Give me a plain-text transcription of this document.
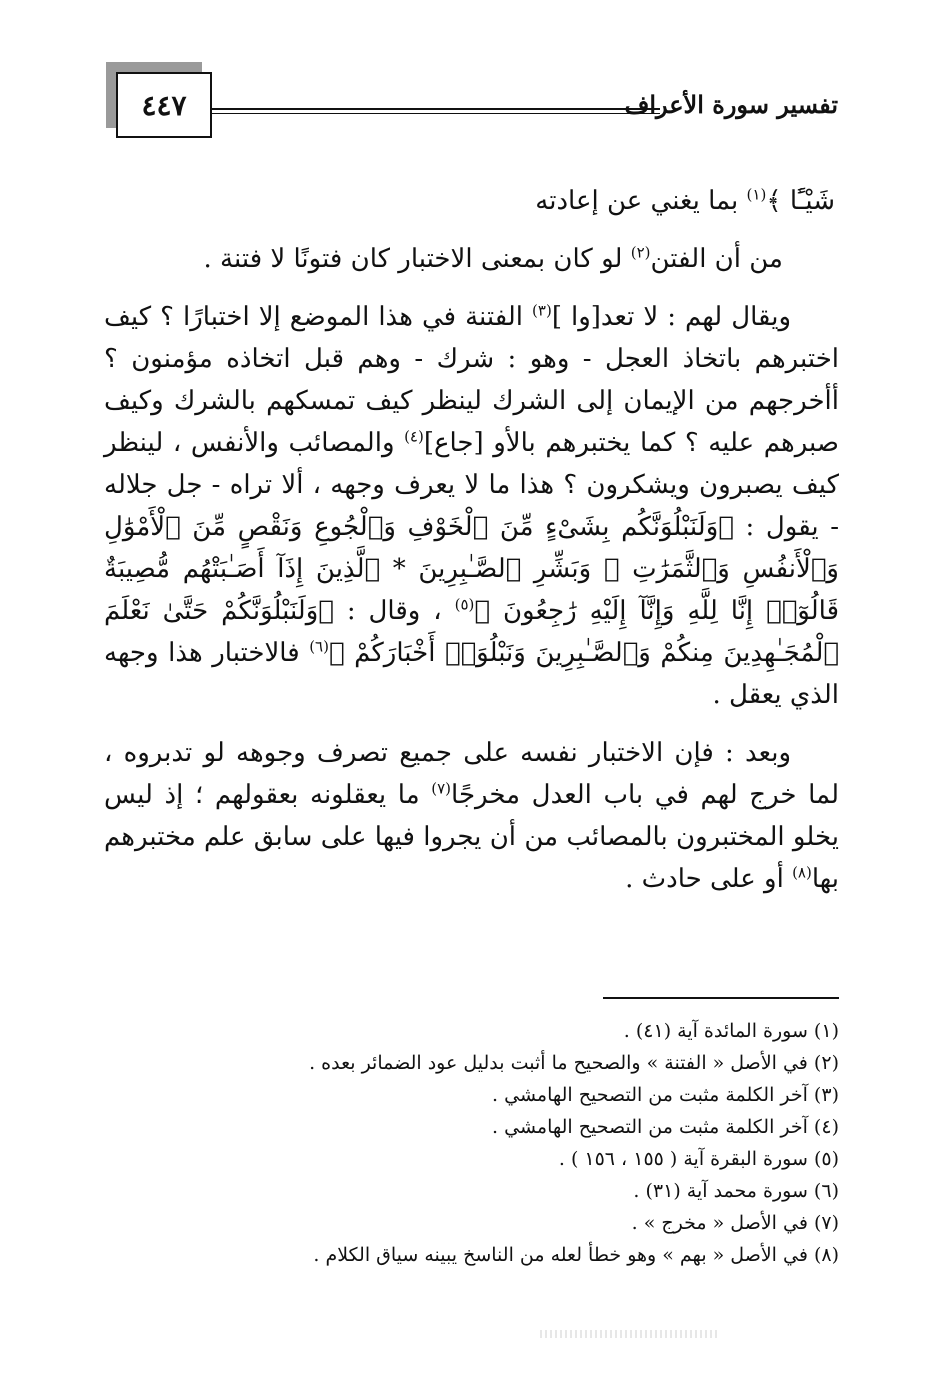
٤٤٧	تفسير سورة الأعراف

شَيْـًٔا ﴾$^{(١)}$ بما يغني عن إعادته

من أن الفتن$^{(٢)}$ لو كان بمعنى الاختبار كان فتونًا لا فتنة .

ويقال لهم : لا تعد[وا ]$^{(٣)}$ الفتنة في هذا الموضع إلا اختبارًا ؟ كيف اختبرهم باتخاذ العجل - وهو : شرك - وهم قبل اتخاذه مؤمنون ؟ أأخرجهم من الإيمان إلى الشرك لينظر كيف تمسكهم بالشرك وكيف صبرهم عليه ؟ كما يختبرهم بالأو [جاع]$^{(٤)}$ والمصائب والأنفس ، لينظر كيف يصبرون ويشكرون ؟ هذا ما لا يعرف وجهه ، ألا تراه - جل جلاله - يقول : ﴿وَلَنَبْلُوَنَّكُم بِشَىْءٍ مِّنَ ٱلْخَوْفِ وَٱلْجُوعِ وَنَقْصٍ مِّنَ ٱلْأَمْوَٰلِ وَٱلْأَنفُسِ وَٱلثَّمَرَٰتِ ۗ وَبَشِّرِ ٱلصَّـٰبِرِينَ * ٱلَّذِينَ إِذَآ أَصَـٰبَتْهُم مُّصِيبَةٌ قَالُوٓا۟ إِنَّا لِلَّهِ وَإِنَّآ إِلَيْهِ رَٰجِعُونَ ﴾$^{(٥)}$ ، وقال : ﴿وَلَنَبْلُوَنَّكُمْ حَتَّىٰ نَعْلَمَ ٱلْمُجَـٰهِدِينَ مِنكُمْ وَٱلصَّـٰبِرِينَ وَنَبْلُوَا۟ أَخْبَارَكُمْ ﴾$^{(٦)}$ فالاختبار هذا وجهه الذي يعقل .

وبعد : فإن الاختبار نفسه على جميع تصرف وجوهه لو تدبروه ، لما خرج لهم في باب العدل مخرجًا$^{(٧)}$ ما يعقلونه بعقولهم ؛ إذ ليس يخلو المختبرون بالمصائب من أن يجروا فيها على سابق علم مختبرهم بها$^{(٨)}$ أو على حادث .

(١) سورة المائدة آية (٤١) .
(٢) في الأصل « الفتنة » والصحيح ما أثبت بدليل عود الضمائر بعده .
(٣) آخر الكلمة مثبت من التصحيح الهامشي .
(٤) آخر الكلمة مثبت من التصحيح الهامشي .
(٥) سورة البقرة آية ( ١٥٥ ، ١٥٦ ) .
(٦) سورة محمد آية (٣١) .
(٧) في الأصل « مخرج » .
(٨) في الأصل « بهم » وهو خطأ لعله من الناسخ يبينه سياق الكلام .
